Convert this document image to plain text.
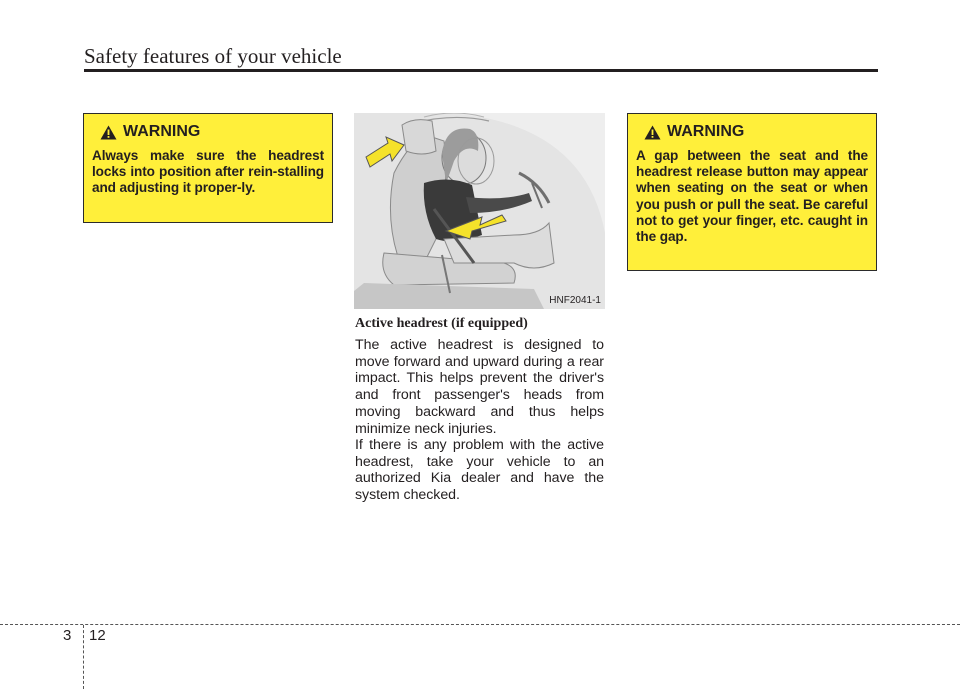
Safety features of your vehicle
WARNING
Always make sure the headrest locks into position after rein-stalling and adjusting it proper-ly.
HNF2041-1
Active headrest (if equipped)

The active headrest is designed to move forward and upward during a rear impact. This helps prevent the driver's and front passenger's heads from moving backward and thus helps minimize neck injuries.

If there is any problem with the active headrest, take your vehicle to an authorized Kia dealer and have the system checked.

WARNING
A gap between the seat and the headrest release button may appear when seating on the seat or when you push or pull the seat. Be careful not to get your finger, etc. caught in the gap.
3 12
